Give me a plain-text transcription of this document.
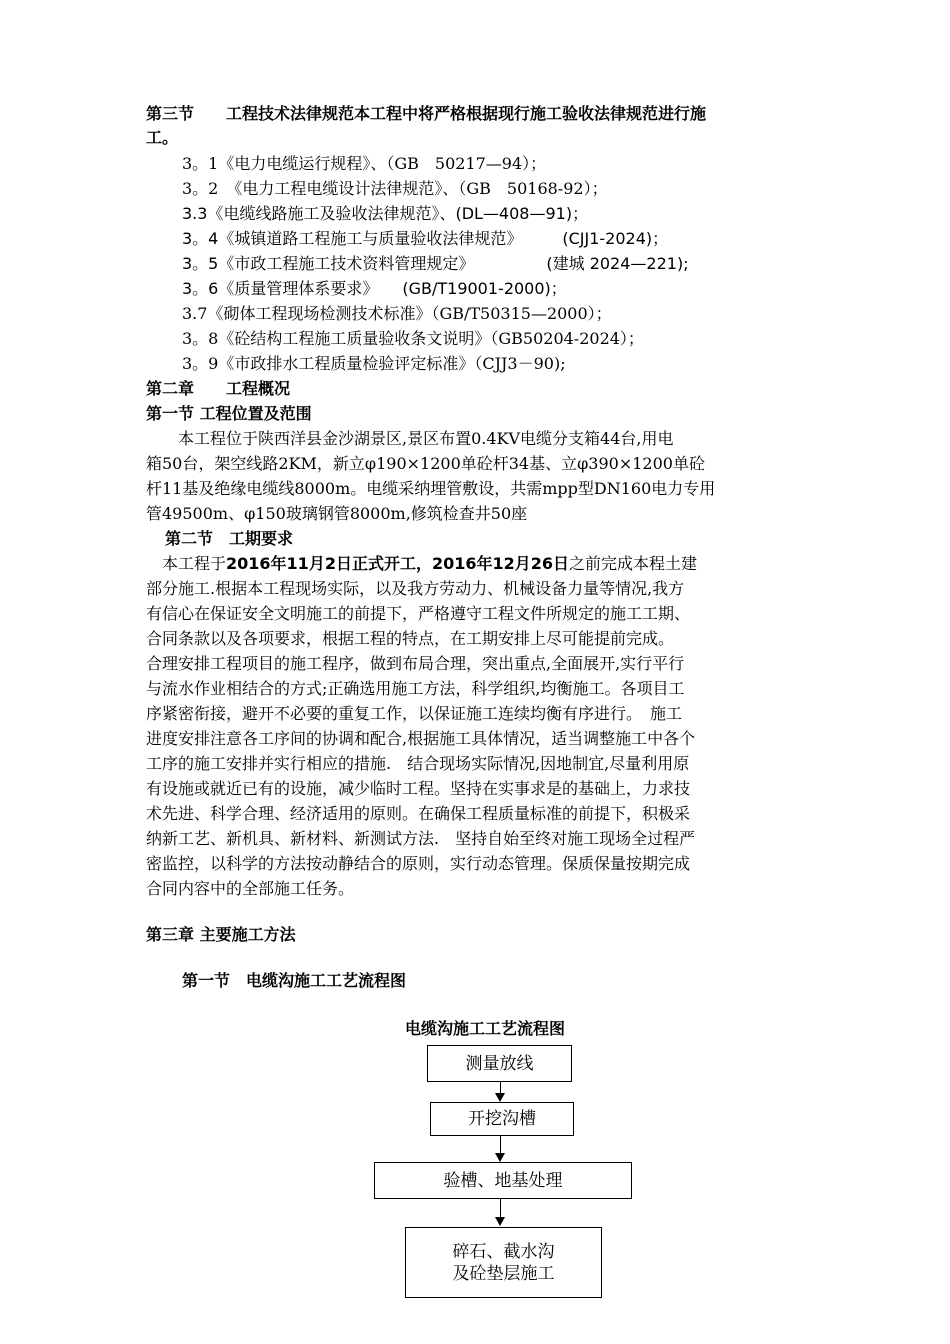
第三节　　工程技术法律规范本工程中将严格根据现行施工验收法律规范进行施
工。
3。1《电力电缆运行规程》、（GB　50217—94）；
3。2　《电力工程电缆设计法律规范》、（GB　50168-92）；
3.3《电缆线路施工及验收法律规范》、(DL—408—91)；
3。4《城镇道路工程施工与质量验收法律规范》　　　(CJJ1-2024)；
3。5《市政工程施工技术资料管理规定》　　　　　(建城 2024—221);
3。6《质量管理体系要求》　　(GB/T19001-2000)；
3.7《砌体工程现场检测技术标准》（GB/T50315—2000）；
3。8《砼结构工程施工质量验收条文说明》（GB50204-2024）；
3。9《市政排水工程质量检验评定标准》（CJJ3－90);
第二章　　工程概况
第一节 工程位置及范围
　　本工程位于陕西洋县金沙湖景区,景区布置0.4KV电缆分支箱44台,用电
箱50台，架空线路2KM，新立φ190×1200单砼杆34基、立φ390×1200单砼
杆11基及绝缘电缆线8000m。电缆采纳埋管敷设，共需mpp型DN160电力专用
管49500m、φ150玻璃钢管8000m,修筑检查井50座
第二节　工期要求
　本工程于2016年11月2日正式开工，2016年12月26日之前完成本程土建
部分施工.根据本工程现场实际，以及我方劳动力、机械设备力量等情况,我方
有信心在保证安全文明施工的前提下，严格遵守工程文件所规定的施工工期、
合同条款以及各项要求，根据工程的特点，在工期安排上尽可能提前完成。
合理安排工程项目的施工程序，做到布局合理，突出重点,全面展开,实行平行
与流水作业相结合的方式;正确选用施工方法，科学组织,均衡施工。各项目工
序紧密衔接，避开不必要的重复工作，以保证施工连续均衡有序进行。　施工
进度安排注意各工序间的协调和配合,根据施工具体情况，适当调整施工中各个
工序的施工安排并实行相应的措施.　结合现场实际情况,因地制宜,尽量利用原
有设施或就近已有的设施，减少临时工程。坚持在实事求是的基础上，力求技
术先进、科学合理、经济适用的原则。在确保工程质量标准的前提下，积极采
纳新工艺、新机具、新材料、新测试方法.　坚持自始至终对施工现场全过程严
密监控，以科学的方法按动静结合的原则，实行动态管理。保质保量按期完成
合同内容中的全部施工任务。
第三章 主要施工方法
第一节　电缆沟施工工艺流程图
电缆沟施工工艺流程图
测量放线
开挖沟槽
验槽、地基处理
碎石、截水沟
及砼垫层施工
